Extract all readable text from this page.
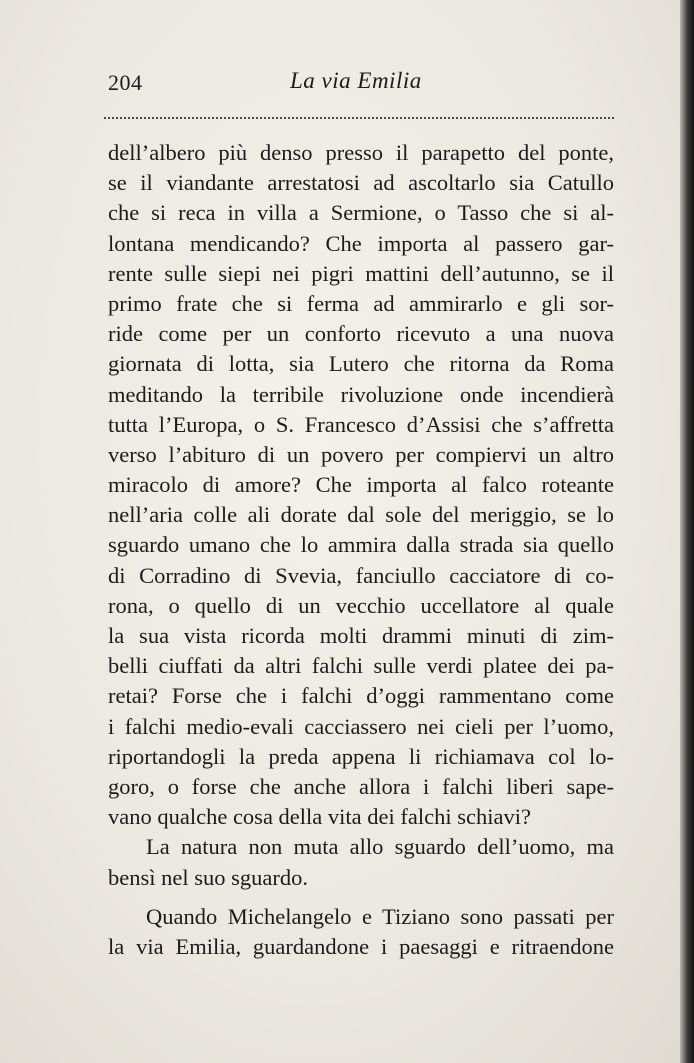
204	La via Emilia
dell’albero più denso presso il parapetto del ponte,
se il viandante arrestatosi ad ascoltarlo sia Catullo
che si reca in villa a Sermione, o Tasso che si al-
lontana mendicando? Che importa al passero gar-
rente sulle siepi nei pigri mattini dell’autunno, se il
primo frate che si ferma ad ammirarlo e gli sor-
ride come per un conforto ricevuto a una nuova
giornata di lotta, sia Lutero che ritorna da Roma
meditando la terribile rivoluzione onde incendierà
tutta l’Europa, o S. Francesco d’Assisi che s’affretta
verso l’abituro di un povero per compiervi un altro
miracolo di amore? Che importa al falco roteante
nell’aria colle ali dorate dal sole del meriggio, se lo
sguardo umano che lo ammira dalla strada sia quello
di Corradino di Svevia, fanciullo cacciatore di co-
rona, o quello di un vecchio uccellatore al quale
la sua vista ricorda molti drammi minuti di zim-
belli ciuffati da altri falchi sulle verdi platee dei pa-
retai? Forse che i falchi d’oggi rammentano come
i falchi medio-evali cacciassero nei cieli per l’uomo,
riportandogli la preda appena li richiamava col lo-
goro, o forse che anche allora i falchi liberi sape-
vano qualche cosa della vita dei falchi schiavi?
La natura non muta allo sguardo dell’uomo, ma
bensì nel suo sguardo.
Quando Michelangelo e Tiziano sono passati per
la via Emilia, guardandone i paesaggi e ritraendone
